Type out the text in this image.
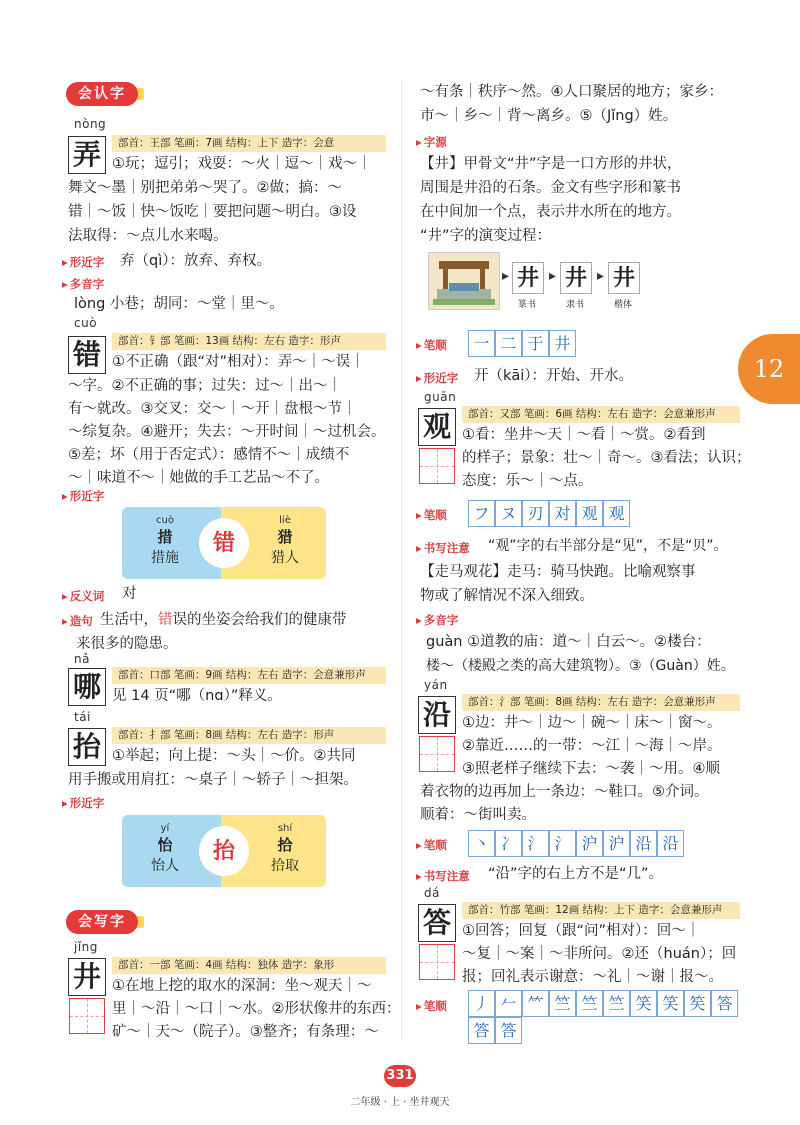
12
会认字
nòng
弄	部首：王部 笔画：7画 结构：上下 造字：会意
①玩；逗引；戏耍：～火｜逗～｜戏～｜
舞文～墨｜别把弟弟～哭了。②做；搞：～
错｜～饭｜快～饭吃｜要把问题～明白。③设
法取得：～点儿水来喝。
▸ 形近字 弃（qì）：放弃、弃权。
▸ 多音字
lòng 小巷；胡同：～堂｜里～。
cuò
错	部首：钅部 笔画：13画 结构：左右 造字：形声
①不正确（跟“对”相对）：弄～｜～误｜
～字。②不正确的事；过失：过～｜出～｜
有～就改。③交叉：交～｜～开｜盘根～节｜
～综复杂。④避开；失去：～开时间｜～过机会。
⑤差；坏（用于否定式）：感情不～｜成绩不
～｜味道不～｜她做的手工艺品～不了。
▸ 形近字
cuò
措
措施
错
liè
猎
猎人
▸ 反义词 对
▸ 造句 生活中，错误的坐姿会给我们的健康带
来很多的隐患。
nǎ
哪	部首：口部 笔画：9画 结构：左右 造字：会意兼形声
见 14 页“哪（nɑ）”释义。
tái
抬	部首：扌部 笔画：8画 结构：左右 造字：形声
①举起；向上提：～头｜～价。②共同
用手搬或用肩扛：～桌子｜～轿子｜～担架。
▸ 形近字
yí
怡
怡人
抬
shí
拾
拾取
会写字
jǐng
井	部首：一部 笔画：4画 结构：独体 造字：象形
①在地上挖的取水的深洞：坐～观天｜～
里｜～沿｜～口｜～水。②形状像井的东西：
矿～｜天～（院子）。③整齐；有条理：～
～有条｜秩序～然。④人口聚居的地方；家乡：
市～｜乡～｜背～离乡。⑤（Jǐng）姓。
▸ 字源
【井】甲骨文“井”字是一口方形的井状，
周围是井沿的石条。金文有些字形和篆书
在中间加一个点，表示井水所在的地方。
“井”字的演变过程：
▸ 井
篆书
▸ 井
隶书
▸ 井
楷体
▸ 笔顺	一 二 于 井
▸ 形近字 开（kāi）：开始、开水。
guān
观	部首：又部 笔画：6画 结构：左右 造字：会意兼形声
①看：坐井～天｜～看｜～赏。②看到
的样子；景象：壮～｜奇～。③看法；认识；
态度：乐～｜～点。
▸ 笔顺	フ ヌ 刃 对 观 观
▸ 书写注意 “观”字的右半部分是“见”，不是“贝”。
【走马观花】走马：骑马快跑。比喻观察事
物或了解情况不深入细致。
▸ 多音字
guàn ①道教的庙：道～｜白云～。②楼台：
楼～（楼殿之类的高大建筑物）。③（Guàn）姓。
yán
沿	部首：氵部 笔画：8画 结构：左右 造字：会意兼形声
①边：井～｜边～｜碗～｜床～｜窗～。
②靠近……的一带：～江｜～海｜～岸。
③照老样子继续下去：～袭｜～用。④顺
着衣物的边再加上一条边：～鞋口。⑤介词。
顺着：～街叫卖。
▸ 笔顺	丶 冫 氵 氵 沪 沪 沿 沿
▸ 书写注意 “沿”字的右上方不是“几”。
dá
答	部首：竹部 笔画：12画 结构：上下 造字：会意兼形声
①回答；回复（跟“问”相对）：回～｜
～复｜～案｜～非所问。②还（huán）；回
报；回礼表示谢意：～礼｜～谢｜报～。
▸ 笔顺	丿 𠂉 ⺮ 竺 竺 竺 笑 笑 笶 答
答 答
331
二年级 · 上 · 坐井观天
